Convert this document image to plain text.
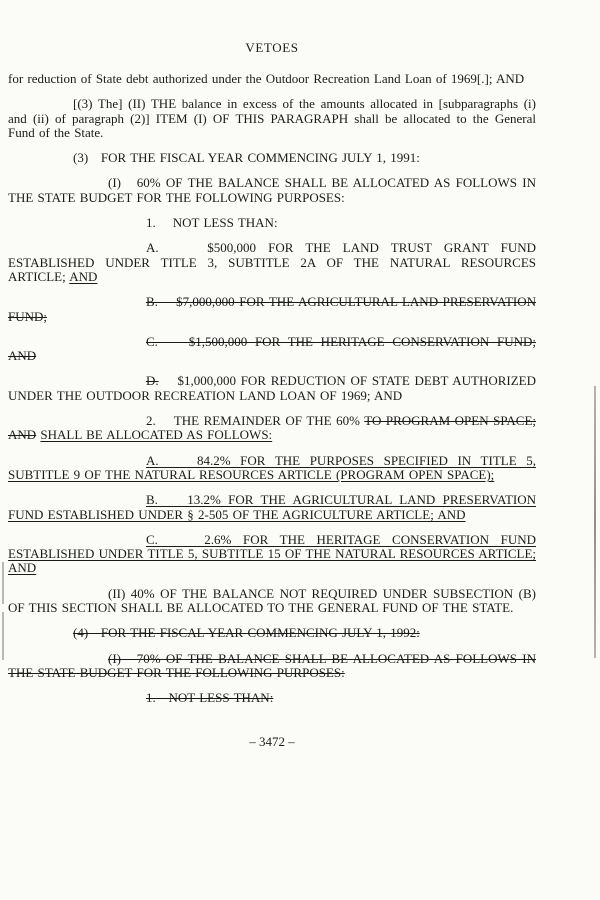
VETOES

for reduction of State debt authorized under the Outdoor Recreation Land Loan of 1969[.]; AND

[(3) The] (II) THE balance in excess of the amounts allocated in [subparagraphs (i) and (ii) of paragraph (2)] ITEM (I) OF THIS PARAGRAPH shall be allocated to the General Fund of the State.

(3)   FOR THE FISCAL YEAR COMMENCING JULY 1, 1991:

(I)   60% OF THE BALANCE SHALL BE ALLOCATED AS FOLLOWS IN THE STATE BUDGET FOR THE FOLLOWING PURPOSES:

1.    NOT LESS THAN:

A.    $500,000 FOR THE LAND TRUST GRANT FUND ESTABLISHED UNDER TITLE 3, SUBTITLE 2A OF THE NATURAL RESOURCES ARTICLE; AND

B.    $7,000,000 FOR THE AGRICULTURAL LAND PRESERVATION FUND;

C.    $1,500,000 FOR THE HERITAGE CONSERVATION FUND; AND

D.    $1,000,000 FOR REDUCTION OF STATE DEBT AUTHORIZED UNDER THE OUTDOOR RECREATION LAND LOAN OF 1969; AND

2.    THE REMAINDER OF THE 60% TO PROGRAM OPEN SPACE; AND SHALL BE ALLOCATED AS FOLLOWS:

A.    84.2% FOR THE PURPOSES SPECIFIED IN TITLE 5, SUBTITLE 9 OF THE NATURAL RESOURCES ARTICLE (PROGRAM OPEN SPACE);

B.    13.2% FOR THE AGRICULTURAL LAND PRESERVATION FUND ESTABLISHED UNDER § 2-505 OF THE AGRICULTURE ARTICLE; AND

C.    2.6% FOR THE HERITAGE CONSERVATION FUND ESTABLISHED UNDER TITLE 5, SUBTITLE 15 OF THE NATURAL RESOURCES ARTICLE; AND

(II) 40% OF THE BALANCE NOT REQUIRED UNDER SUBSECTION (B) OF THIS SECTION SHALL BE ALLOCATED TO THE GENERAL FUND OF THE STATE.

(4)   FOR THE FISCAL YEAR COMMENCING JULY 1, 1992:

(I)   70% OF THE BALANCE SHALL BE ALLOCATED AS FOLLOWS IN THE STATE BUDGET FOR THE FOLLOWING PURPOSES:

1.   NOT LESS THAN:

– 3472 –
